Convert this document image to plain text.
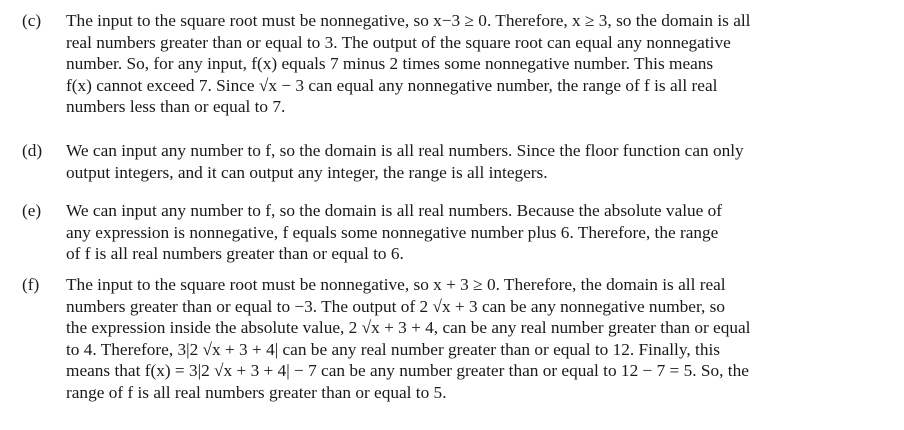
(c) The input to the square root must be nonnegative, so x−3 ≥ 0. Therefore, x ≥ 3, so the domain is all
real numbers greater than or equal to 3. The output of the square root can equal any nonnegative
number. So, for any input, f(x) equals 7 minus 2 times some nonnegative number. This means
f(x) cannot exceed 7. Since √x − 3 can equal any nonnegative number, the range of f is all real
numbers less than or equal to 7.
(d) We can input any number to f, so the domain is all real numbers. Since the floor function can only
output integers, and it can output any integer, the range is all integers.
(e) We can input any number to f, so the domain is all real numbers. Because the absolute value of
any expression is nonnegative, f equals some nonnegative number plus 6. Therefore, the range
of f is all real numbers greater than or equal to 6.
(f) The input to the square root must be nonnegative, so x + 3 ≥ 0. Therefore, the domain is all real
numbers greater than or equal to −3. The output of 2 √x + 3 can be any nonnegative number, so
the expression inside the absolute value, 2 √x + 3 + 4, can be any real number greater than or equal
to 4. Therefore, 3|2 √x + 3 + 4| can be any real number greater than or equal to 12. Finally, this
means that f(x) = 3|2 √x + 3 + 4| − 7 can be any number greater than or equal to 12 − 7 = 5. So, the
range of f is all real numbers greater than or equal to 5.
